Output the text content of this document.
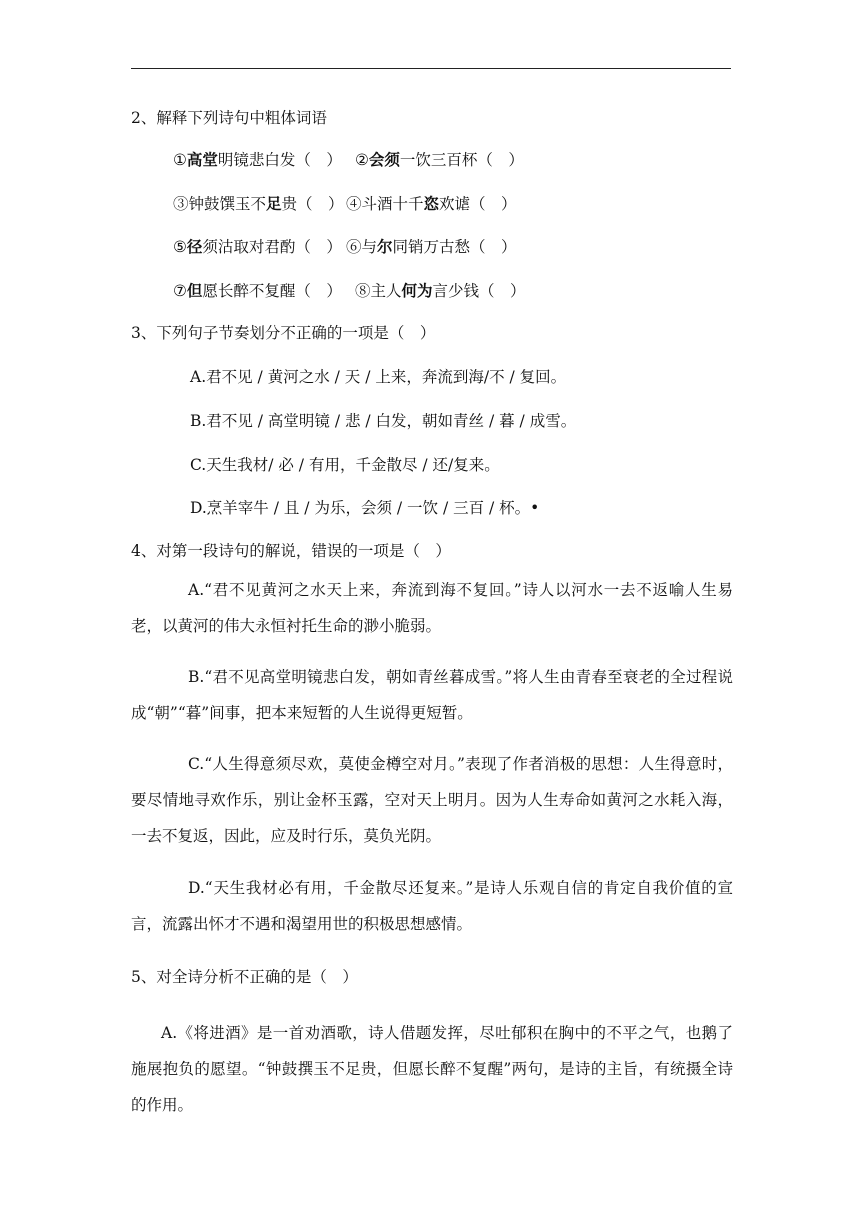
2、解释下列诗句中粗体词语
①高堂明镜悲白发（　） ②会须一饮三百杯（　）
③钟鼓馔玉不足贵（　） ④斗酒十千恣欢谑（　）
⑤径须沽取对君酌（　） ⑥与尔同销万古愁（　）
⑦但愿长醉不复醒（　） ⑧主人何为言少钱（　）
3、下列句子节奏划分不正确的一项是（　）
A.君不见 / 黄河之水 / 天 / 上来，奔流到海/不 / 复回。
B.君不见 / 高堂明镜 / 悲 / 白发，朝如青丝 / 暮 / 成雪。
C.天生我材/ 必 / 有用，千金散尽 / 还/复来。
D.烹羊宰牛 / 且 / 为乐，会须 / 一饮 / 三百 / 杯。•
4、对第一段诗句的解说，错误的一项是（　）
A.“君不见黄河之水天上来，奔流到海不复回。”诗人以河水一去不返喻人生易老，以黄河的伟大永恒衬托生命的渺小脆弱。
B.“君不见高堂明镜悲白发，朝如青丝暮成雪。”将人生由青春至衰老的全过程说成“朝”“暮”间事，把本来短暂的人生说得更短暂。
C.“人生得意须尽欢，莫使金樽空对月。”表现了作者消极的思想：人生得意时，要尽情地寻欢作乐，别让金杯玉露，空对天上明月。因为人生寿命如黄河之水耗入海，一去不复返，因此，应及时行乐，莫负光阴。
D.“天生我材必有用，千金散尽还复来。”是诗人乐观自信的肯定自我价值的宣言，流露出怀才不遇和渴望用世的积极思想感情。
5、对全诗分析不正确的是（　）
A.《将进酒》是一首劝酒歌，诗人借题发挥，尽吐郁积在胸中的不平之气，也鹅了施展抱负的愿望。“钟鼓撰玉不足贵，但愿长醉不复醒”两句，是诗的主旨，有统摄全诗的作用。
